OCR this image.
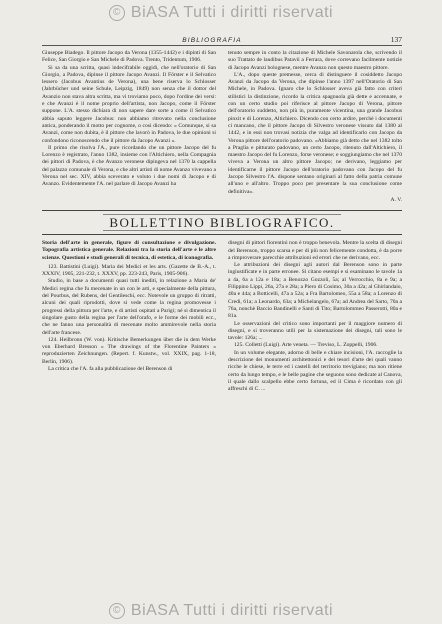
© BiASA Tutti i diritti riservati
BIBLIOGRAFIA	137

Giuseppe Biadego. Il pittore Jacopo da Verona (1355-1442) e i dipinti di San Felice, San Giorgio e San Michele di Padova. Trento, Tridentum, 1906.

Si sa da una scritta, quasi indecifrabile oggidì, che nell'oratorio di San Giorgio, a Padova, dipinse il pittore Jacopo Avanzi. Il Förster e il Selvatico lessero (Jacobus Avantius de Verona), una bene riserva lo Schlosser (Jahrbücher und seine Schule, Leipzig, 1849) non senza che il dottor del Avanzio non stava altra scritta, ma vi troviamo poco, dopo l'ordine dei versi: e che Avanzi è il nome proprio dell'artista, non Jacopo, come il Förster suppone. L'A. stesso dichiara di non sapere dare sorte a come il Selvatico abbia saputo leggere Jacobus: non abbiamo ritrovato nella conclusione antica, ponderando il motto per cognome, o così dicendo: « Comunque, si sa Avanzi, come non dubita, è il pittore che lavorò in Padova, le due opinioni si confondono riconoscendo che il pittore da Jacopo Avanzi ».

Il primo che risolva l'A., pure ricordando che un pittore Jacopo del fu Lorenzo è registrato, l'anno 1382, insieme con l'Altichiero, nella Compagnia dei pittori di Padova, è che Avanzo veronese dipingeva nel 1370 la cappella del palazzo comunale di Verona, e che altri artisti di nome Avanzo vivevano a Verona nel sec. XIV, abbia sceverato e voluto i due nomi di Jacopo e di Avanzo. Evidentemente l'A. nel parlare di Jacopo Avanzi ha

tenuto sempre in conto la citazione di Michele Savonarola che, scrivendo il suo Trattato de laudibus Patavii a Ferrara, dove correvano facilmente notizie di Jacopo Avanzi bolognese, mentre Avanzo non questo maestro pittore.

L'A., dopo queste premesse, cerca di distinguere il cosiddetto Jacopo Avanzi da Jacopo da Verona, che dipinse l'anno 1397 nell'Oratorio di San Michele, in Padova. Ignaro che lo Schlosser aveva già fatto con criteri stilistici la distinzione, ricordo la critica spagnuola già dette e accennate, e con un certo studio poi riferisce al pittore Jacopo di Verona, pittore dell'oratorio suddetto, non più in, puramente vicentina, una grande Jacobus pinxit e di Lorenzo, Altichiero. Dicendo con certo ardire, perchè i documenti ci mancano, che il pittore Jacopo di Silvestro veronese vissuto dal 1380 al 1442, e in essi non trovasi notizia che valga ad identificarlo con Jacopo da Verona pittore dell'oratorio padovano. «Abbiamo già detto che nel 1382 tolto a Praglia e pitturato padovano, un certo Jacopo, ritenuto dall'Altichiero, il maestro Jacopo del fu Lorenzo, forse veronese; e soggiungiamo che nel 1370 viveva a Verona un altro pittore Jacopo; ne derivano, leggiamo per identificarne il pittore Jacopo dell'oratorio padovano con Jacopo del fu Jacopo Silvestro l'A. dispone sentano originari al fatto della patria comune all'uno e all'altro. Troppo poco per presentare la sua conclusione come definitiva».

A. V.
BOLLETTINO BIBLIOGRAFICO.
Storia dell'arte in generale, figure di consultazione e divulgazione. Topografia artistica generale. Relazioni tra la storia dell'arte e le altre scienze. Questioni e studi generali di tecnica, di estetica, di iconografia.

123. Battistini (Luigi). Maria dei Medici et les arts. (Gazette de B.-A., t. XXXIV, 1905, 221-232, t. XXXV, pp. 223-243, Paris, 1905-906).

Studio, in base a documenti quasi tutti inediti, in relazione a Maria de' Medici regina che fu mecenate in un con le arti, e specialmente della pittura, del Pourbus, del Rubens, del Gentileschi, ecc. Notevole un gruppo di ritratti, alcuni dei quali riprodotti, dove si vede come la regina promovesse i progressi della pittura per l'arte, e di artisti ospitati a Parigi; né si dimentica il singolare gusto della regina per l'arte dell'orafo, e le forme dei mobili ecc., che ne fanno una personalità di mecenate molto ammirevole nella storia dell'arte francese.

124. Heilbronn (W. von). Kritische Bemerkungen über die in dem Werke von Eberhard Bresson « The drawings of the Florentine Painters » reproduzierten Zeichnungen. (Repert. f. Kunstw., vol. XXIX, pag. 1-18, Berlin, 1906).

La critica che l'A. fa alla pubblicazione del Berenson di

disegni di pittori fiorentini non è troppo benevola. Mentre la scelta di disegni del Berenson, troppo scarsa e per di più non felicemente condotta, è da porre a rimproverare parecchie attribuzioni ed errori che ne derivano, ecc.

Le attribuzioni dei disegni agli autori dal Berenson sono in parte ingiustificate e in parte erronee. Si citano esempi e si esaminano le tavole 1a a 4a, 6a a 12a e 18a; a Benozzo Gozzoli, 5a; al Verrocchio, 8a e 9a; a Filippino Lippi, 26a, 27a e 28a; a Piero di Cosimo, 30a a 42a; al Ghirlandaio, 40a e 44a; a Botticelli, 47a a 52a; a Fra Bartolomeo, 55a a 58a; a Lorenzo di Credi, 61a; a Leonardo, 63a; a Michelangelo, 67a; ad Andrea del Sarto, 70a a 76a, nonchè Baccio Bandinelli e Santi di Tito; Bartolommeo Passerotti, 80a e 81a.

Le osservazioni del critico sono importanti per il maggiore numero di disegni, e si troveranno utili per la sistemazione dei disegni, tali sono le tavole: 126a; ...

125. Colletti (Luigi). Arte veneta. — Treviso, L. Zoppelli, 1906.

In un volume elegante, adorno di belle e chiare incisioni, l'A. raccoglie la descrizione dei monumenti architettonici e dei tesori d'arte dei quali vanno ricche le chiese, le terre ed i castelli del territorio trevigiano; ma non ritiene certo da lungo tempo, e le belle pagine che seguono sono dedicate al Canova, il quale dallo scalpello ebbe certo fortuna, ed il Cima è ricordato con gli affreschi di C. ...

© BiASA Tutti i diritti riservati
